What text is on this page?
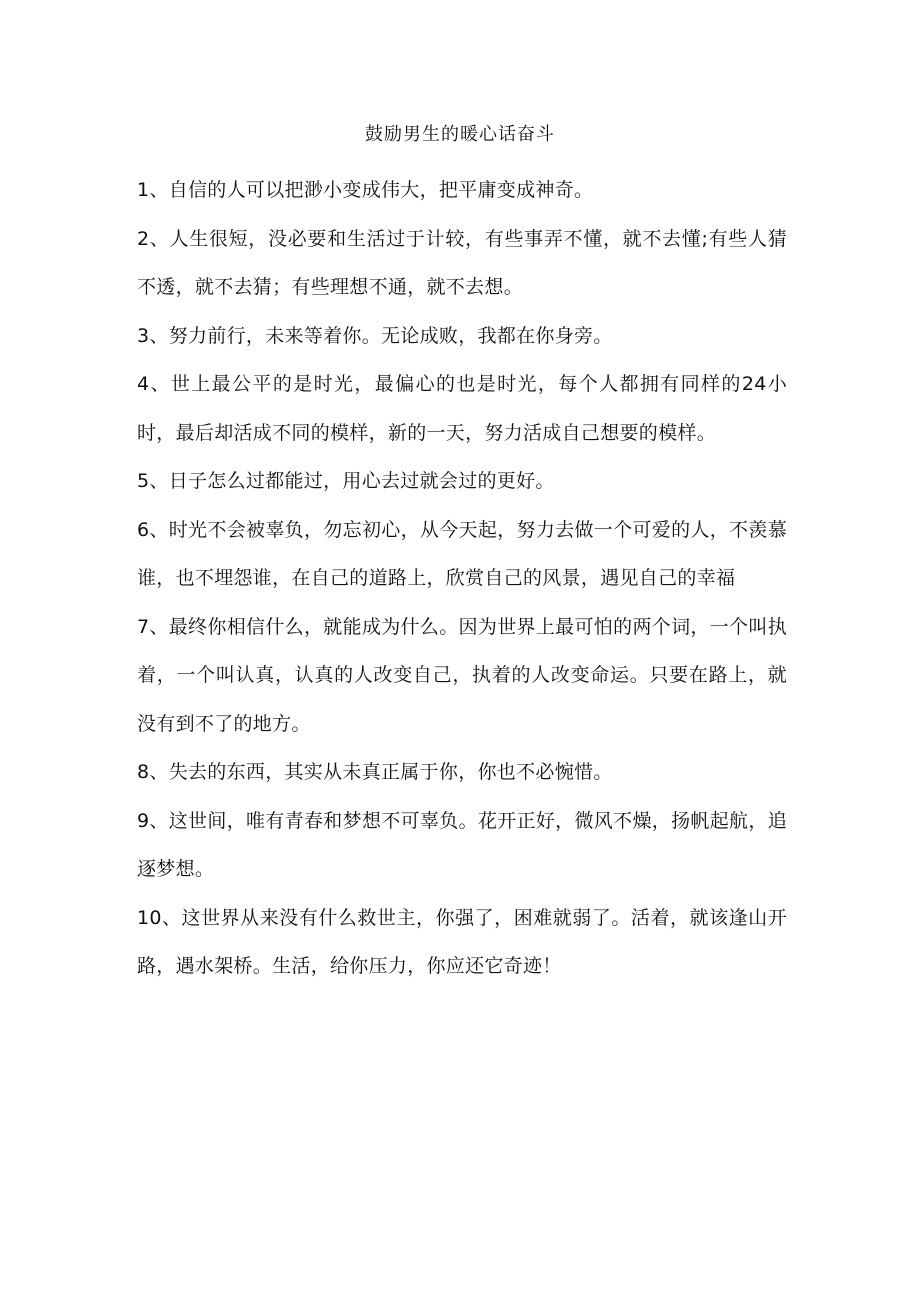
鼓励男生的暖心话奋斗

1、自信的人可以把渺小变成伟大，把平庸变成神奇。

2、人生很短，没必要和生活过于计较，有些事弄不懂，就不去懂;有些人猜不透，就不去猜；有些理想不通，就不去想。

3、努力前行，未来等着你。无论成败，我都在你身旁。

4、世上最公平的是时光，最偏心的也是时光，每个人都拥有同样的24小时，最后却活成不同的模样，新的一天，努力活成自己想要的模样。

5、日子怎么过都能过，用心去过就会过的更好。

6、时光不会被辜负，勿忘初心，从今天起，努力去做一个可爱的人，不羡慕谁，也不埋怨谁，在自己的道路上，欣赏自己的风景，遇见自己的幸福

7、最终你相信什么，就能成为什么。因为世界上最可怕的两个词，一个叫执着，一个叫认真，认真的人改变自己，执着的人改变命运。只要在路上，就没有到不了的地方。

8、失去的东西，其实从未真正属于你，你也不必惋惜。

9、这世间，唯有青春和梦想不可辜负。花开正好，微风不燥，扬帆起航，追逐梦想。

10、这世界从来没有什么救世主，你强了，困难就弱了。活着，就该逢山开路，遇水架桥。生活，给你压力，你应还它奇迹！
